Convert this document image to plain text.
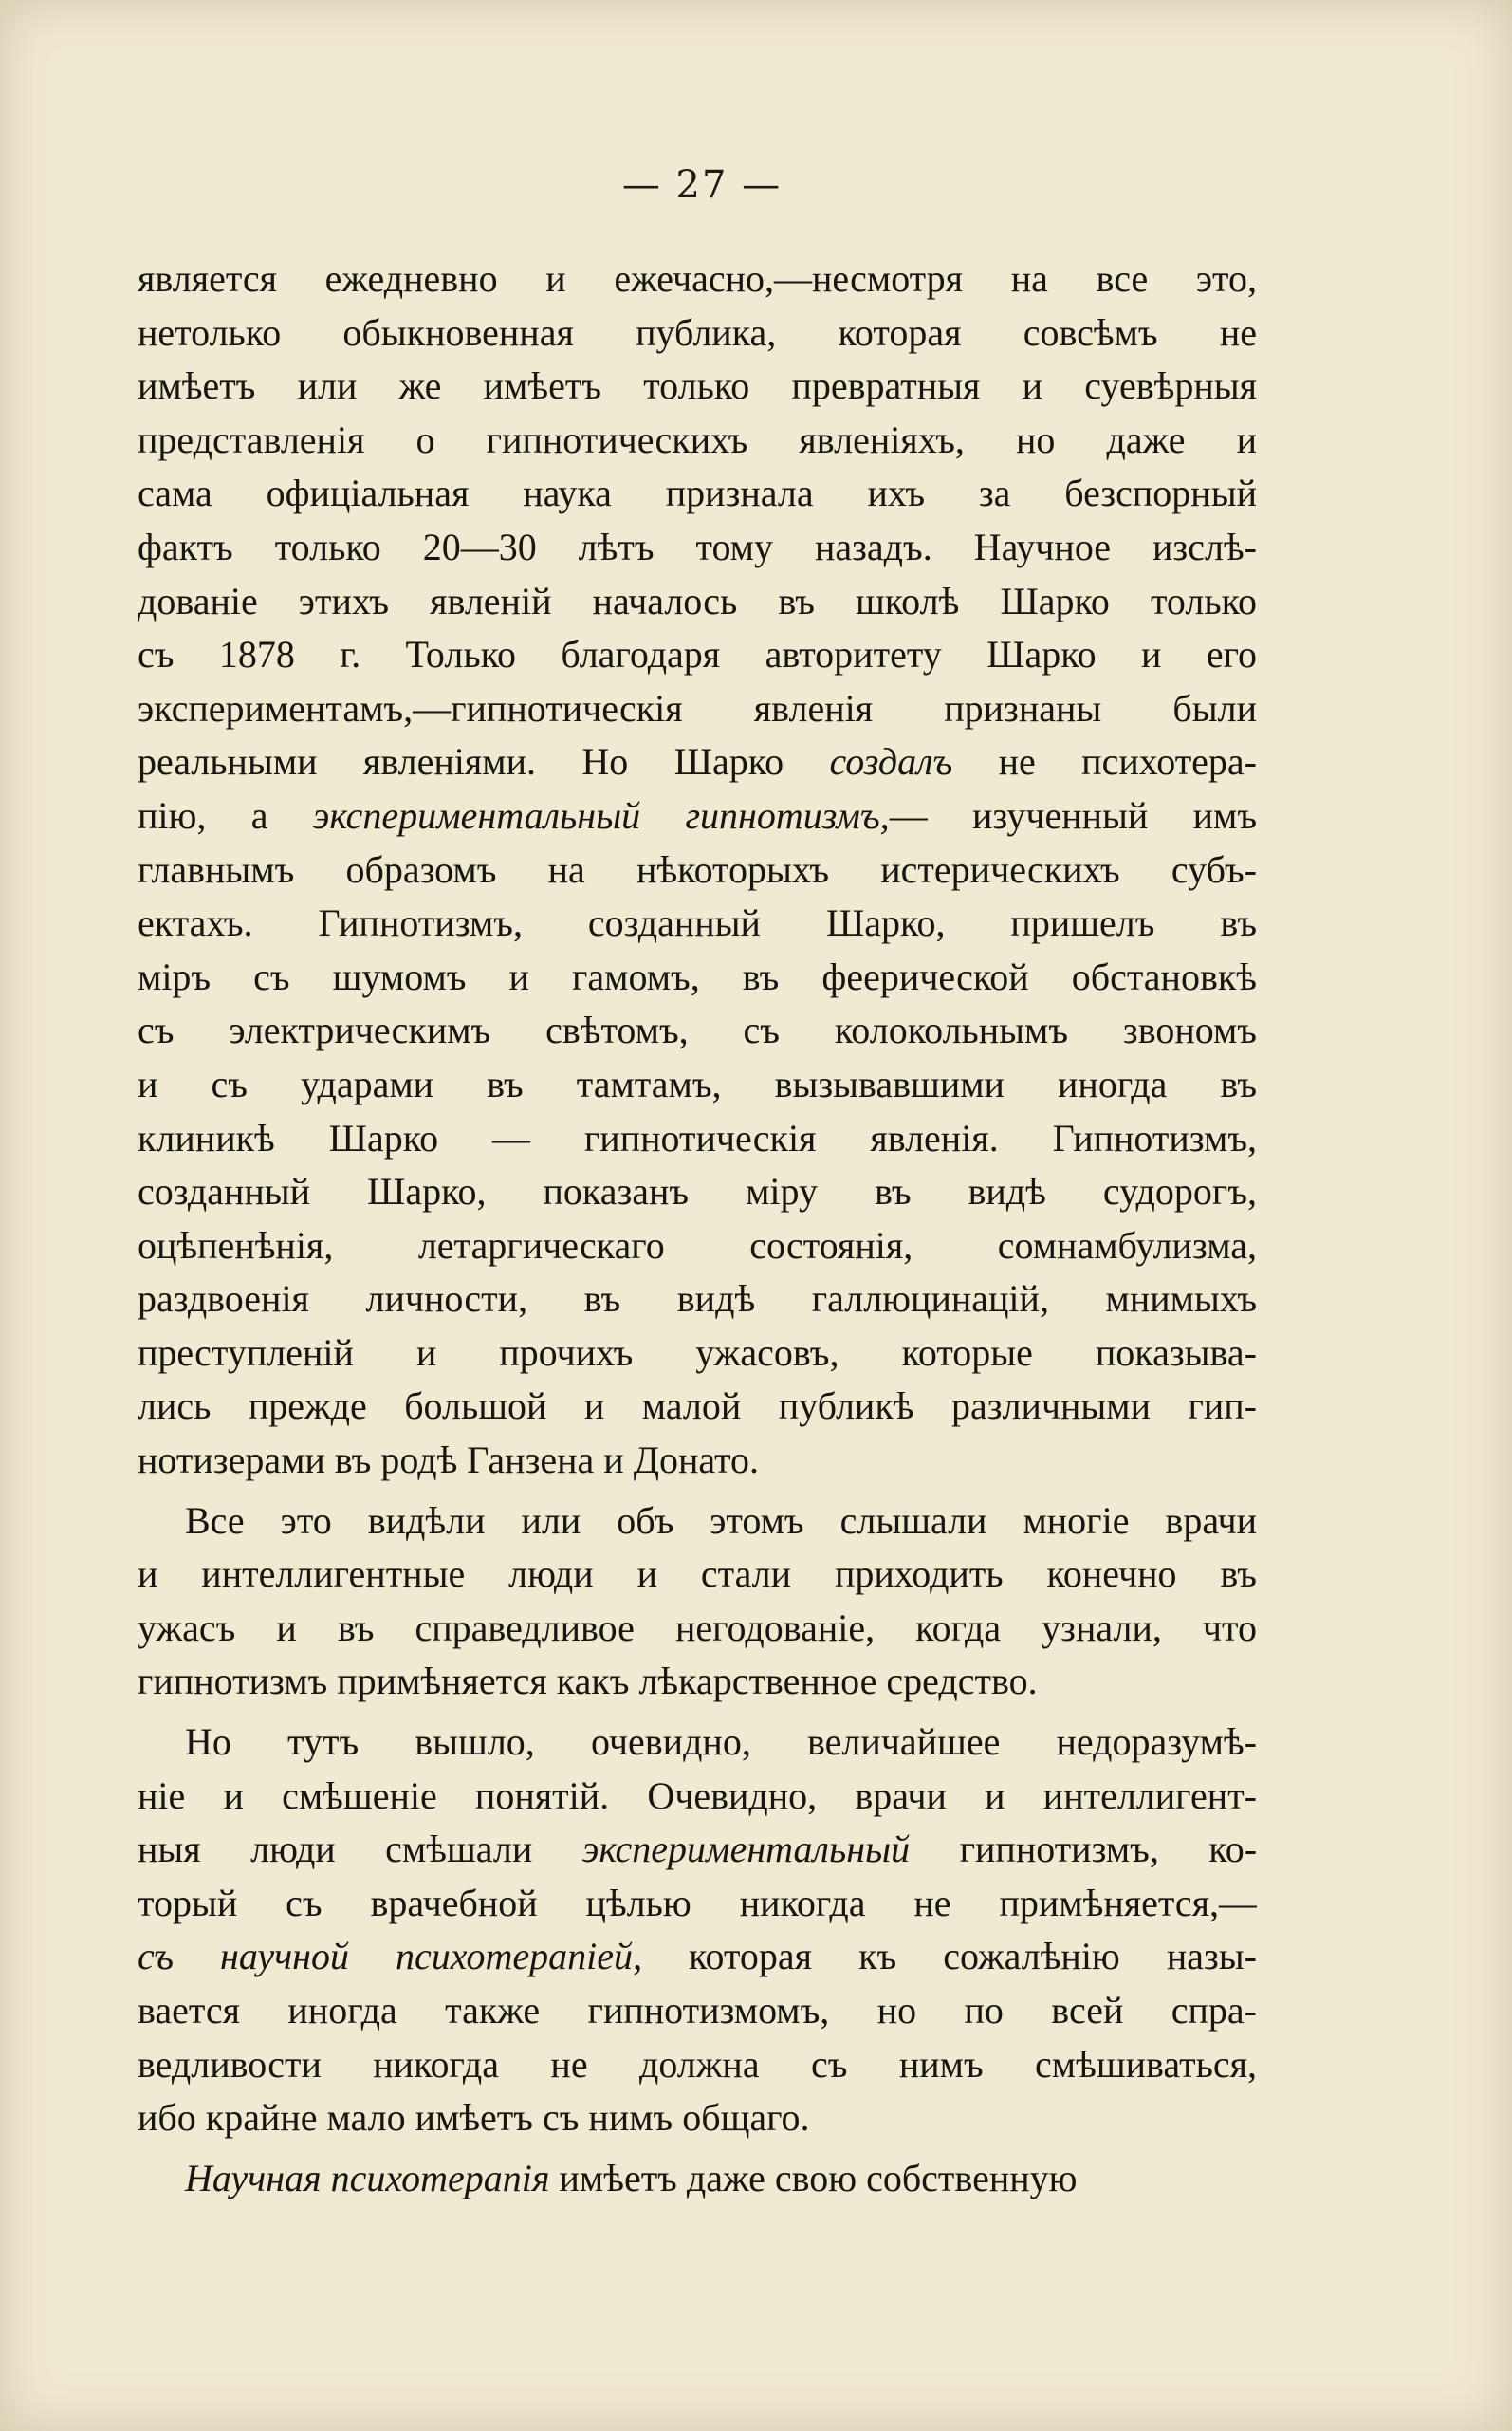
— 27 —
является ежедневно и ежечасно,—несмотря на все это,
нетолько обыкновенная публика, которая совсѣмъ не
имѣетъ или же имѣетъ только превратныя и суевѣрныя
представленія о гипнотическихъ явленіяхъ, но даже и
сама офиціальная наука признала ихъ за безспорный
фактъ только 20—30 лѣтъ тому назадъ. Научное изслѣ-
дованіе этихъ явленій началось въ школѣ Шарко только
съ 1878 г. Только благодаря авторитету Шарко и его
экспериментамъ,—гипнотическія явленія признаны были
реальными явленіями. Но Шарко создалъ не психотера-
пію, а экспериментальный гипнотизмъ,— изученный имъ
главнымъ образомъ на нѣкоторыхъ истерическихъ субъ-
ектахъ. Гипнотизмъ, созданный Шарко, пришелъ въ
міръ съ шумомъ и гамомъ, въ феерической обстановкѣ
съ электрическимъ свѣтомъ, съ колокольнымъ звономъ
и съ ударами въ тамтамъ, вызывавшими иногда въ
клиникѣ Шарко — гипнотическія явленія. Гипнотизмъ,
созданный Шарко, показанъ міру въ видѣ судорогъ,
оцѣпенѣнія, летаргическаго состоянія, сомнамбулизма,
раздвоенія личности, въ видѣ галлюцинацій, мнимыхъ
преступленій и прочихъ ужасовъ, которые показыва-
лись прежде большой и малой публикѣ различными гип-
нотизерами въ родѣ Ганзена и Донато.
Все это видѣли или объ этомъ слышали многіе врачи
и интеллигентные люди и стали приходить конечно въ
ужасъ и въ справедливое негодованіе, когда узнали, что
гипнотизмъ примѣняется какъ лѣкарственное средство.
Но тутъ вышло, очевидно, величайшее недоразумѣ-
ніе и смѣшеніе понятій. Очевидно, врачи и интеллигент-
ныя люди смѣшали экспериментальный гипнотизмъ, ко-
торый съ врачебной цѣлью никогда не примѣняется,—
съ научной психотерапіей, которая къ сожалѣнію назы-
вается иногда также гипнотизмомъ, но по всей спра-
ведливости никогда не должна съ нимъ смѣшиваться,
ибо крайне мало имѣетъ съ нимъ общаго.
Научная психотерапія имѣетъ даже свою собственную
